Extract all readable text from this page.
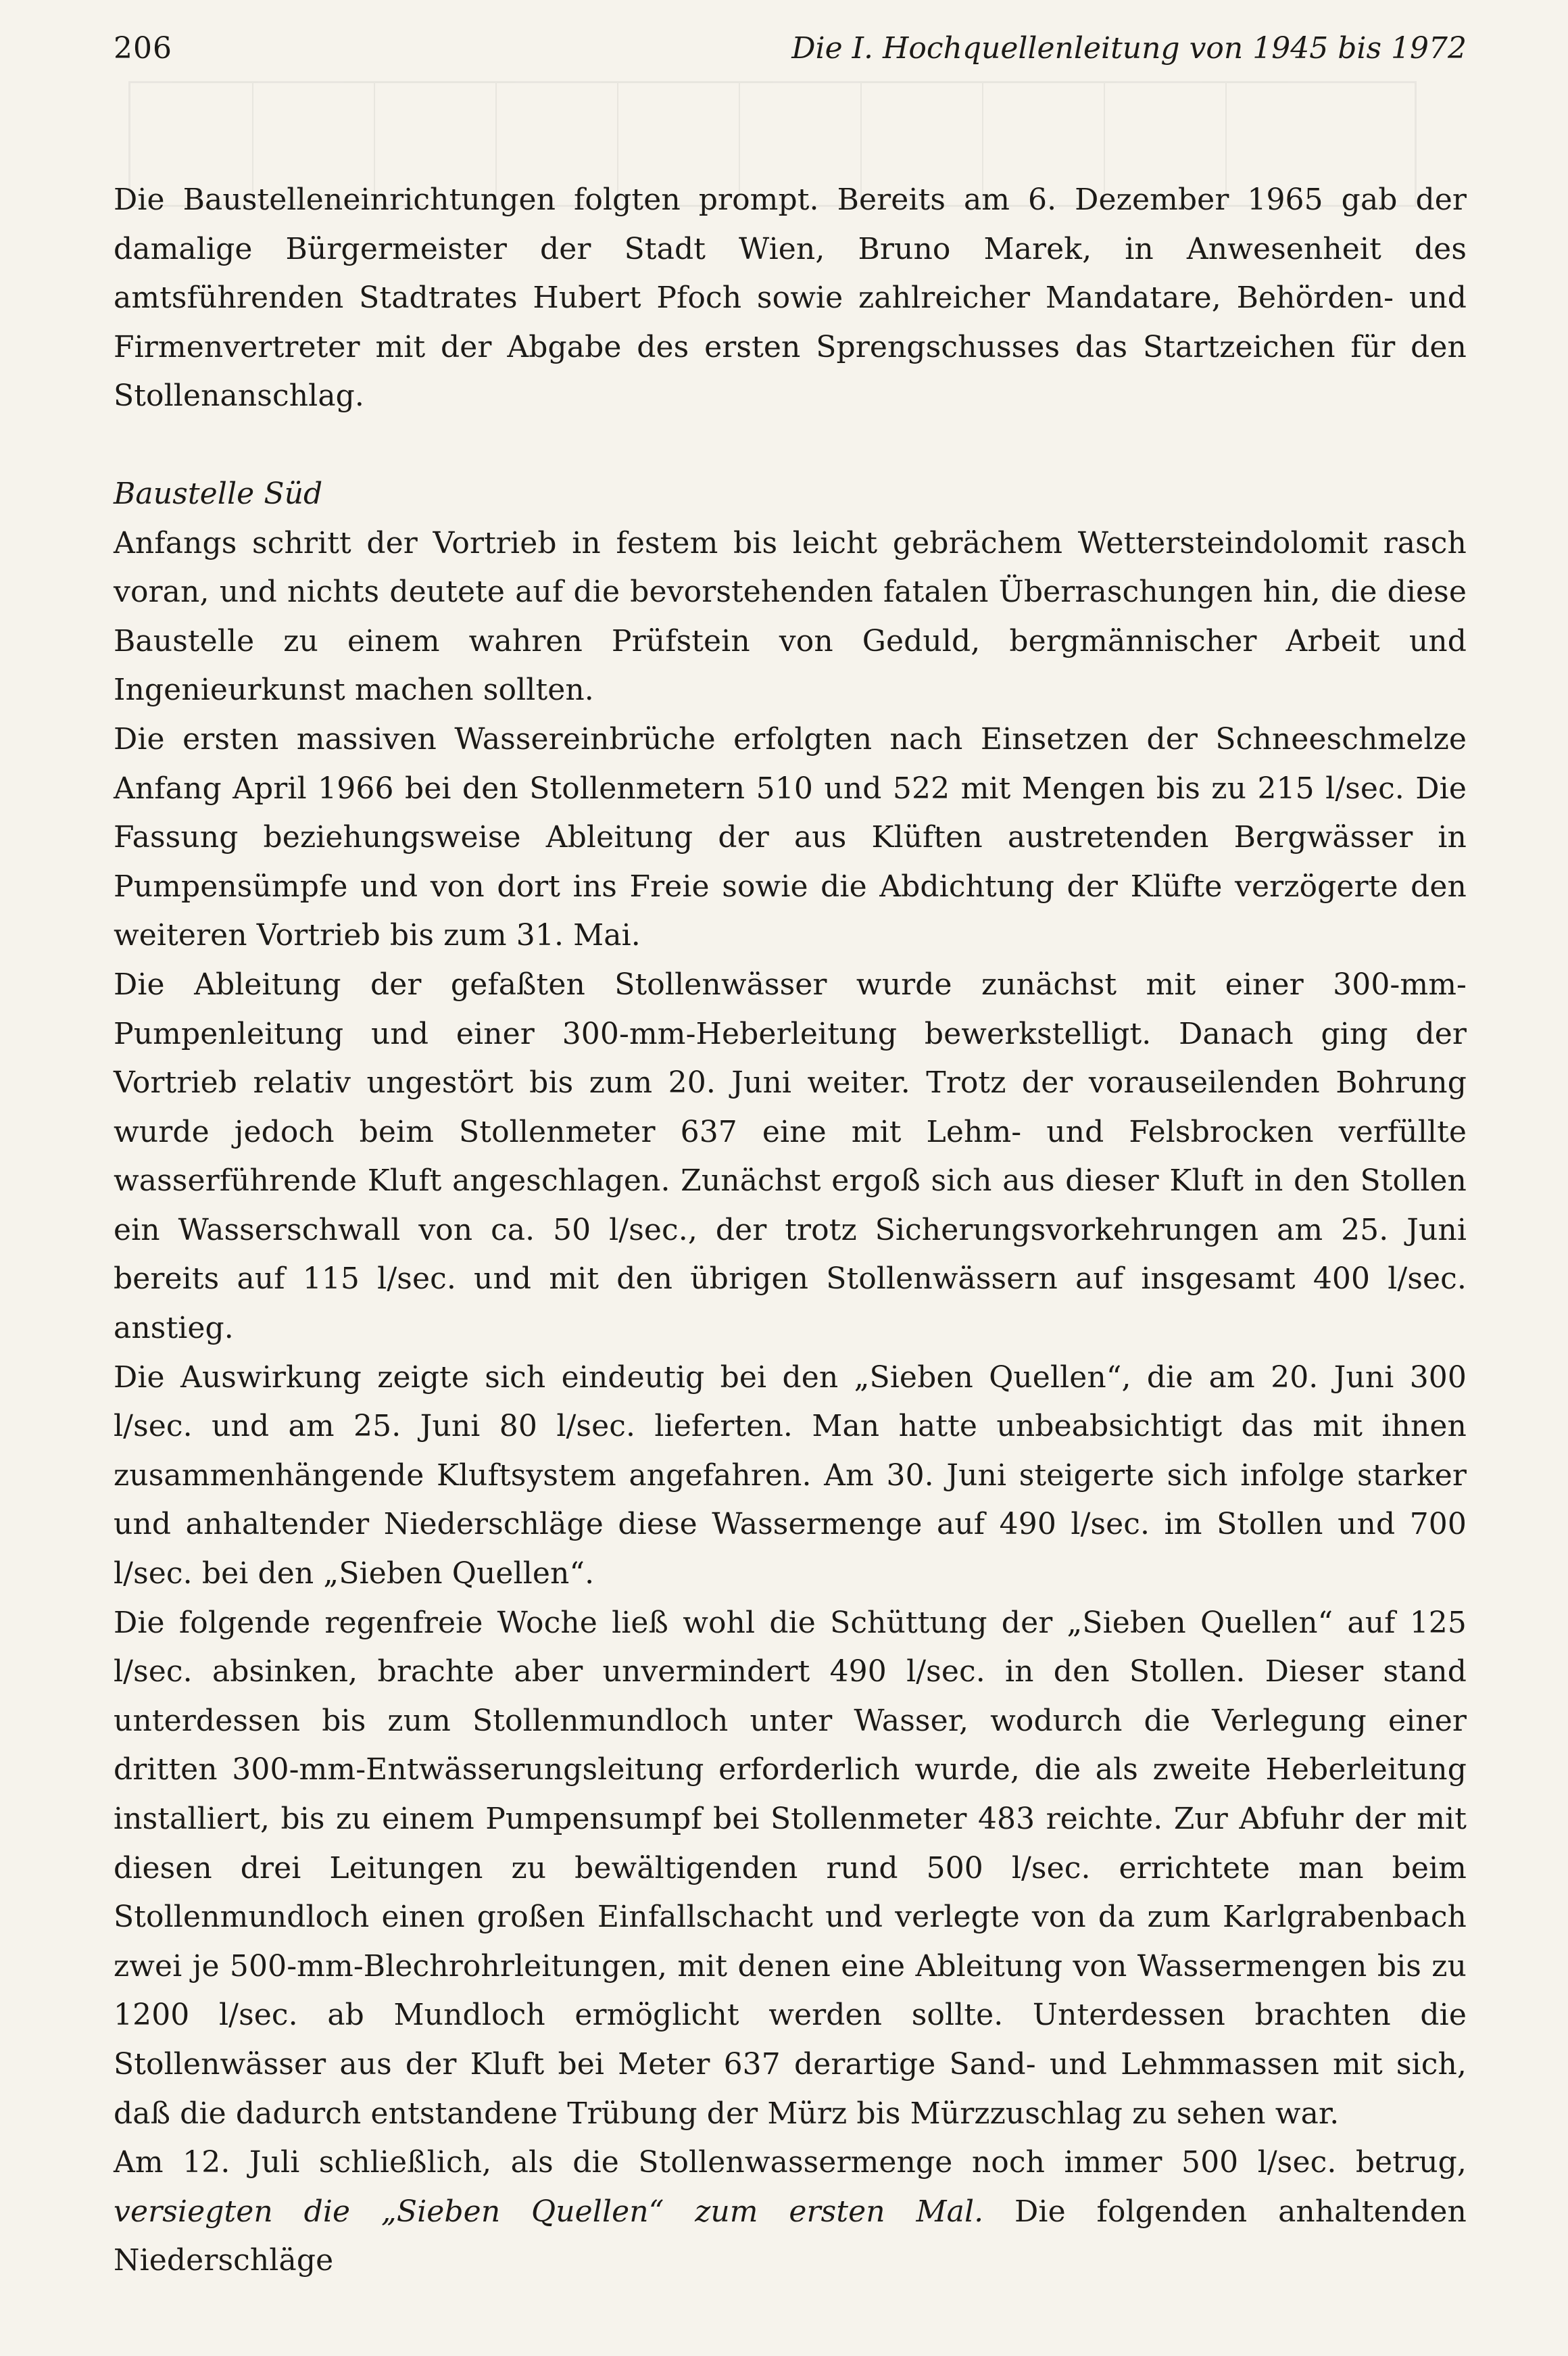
206	Die I. Hochquellenleitung von 1945 bis 1972

Die Baustelleneinrichtungen folgten prompt. Bereits am 6. Dezember 1965 gab der damalige Bürgermeister der Stadt Wien, Bruno Marek, in Anwesenheit des amtsführenden Stadtrates Hubert Pfoch sowie zahlreicher Mandatare, Behörden- und Firmenvertreter mit der Abgabe des ersten Sprengschusses das Startzeichen für den Stollenanschlag.

Baustelle Süd

Anfangs schritt der Vortrieb in festem bis leicht gebrächem Wettersteindolomit rasch voran, und nichts deutete auf die bevorstehenden fatalen Überraschungen hin, die diese Baustelle zu einem wahren Prüfstein von Geduld, bergmännischer Arbeit und Ingenieurkunst machen sollten.

Die ersten massiven Wassereinbrüche erfolgten nach Einsetzen der Schneeschmelze Anfang April 1966 bei den Stollenmetern 510 und 522 mit Mengen bis zu 215 l/sec. Die Fassung beziehungsweise Ableitung der aus Klüften austretenden Bergwässer in Pumpensümpfe und von dort ins Freie sowie die Abdichtung der Klüfte verzögerte den weiteren Vortrieb bis zum 31. Mai.

Die Ableitung der gefaßten Stollenwässer wurde zunächst mit einer 300-mm-Pumpenleitung und einer 300-mm-Heberleitung bewerkstelligt. Danach ging der Vortrieb relativ ungestört bis zum 20. Juni weiter. Trotz der vorauseilenden Bohrung wurde jedoch beim Stollenmeter 637 eine mit Lehm- und Felsbrocken verfüllte wasserführende Kluft angeschlagen. Zunächst ergoß sich aus dieser Kluft in den Stollen ein Wasserschwall von ca. 50 l/sec., der trotz Sicherungsvorkehrungen am 25. Juni bereits auf 115 l/sec. und mit den übrigen Stollenwässern auf insgesamt 400 l/sec. anstieg.

Die Auswirkung zeigte sich eindeutig bei den „Sieben Quellen“, die am 20. Juni 300 l/sec. und am 25. Juni 80 l/sec. lieferten. Man hatte unbeabsichtigt das mit ihnen zusammenhängende Kluftsystem angefahren. Am 30. Juni steigerte sich infolge starker und anhaltender Niederschläge diese Wassermenge auf 490 l/sec. im Stollen und 700 l/sec. bei den „Sieben Quellen“.

Die folgende regenfreie Woche ließ wohl die Schüttung der „Sieben Quellen“ auf 125 l/sec. absinken, brachte aber unvermindert 490 l/sec. in den Stollen. Dieser stand unterdessen bis zum Stollenmundloch unter Wasser, wodurch die Verlegung einer dritten 300-mm-Entwässerungsleitung erforderlich wurde, die als zweite Heberleitung installiert, bis zu einem Pumpensumpf bei Stollenmeter 483 reichte. Zur Abfuhr der mit diesen drei Leitungen zu bewältigenden rund 500 l/sec. errichtete man beim Stollenmundloch einen großen Einfallschacht und verlegte von da zum Karlgrabenbach zwei je 500-mm-Blechrohrleitungen, mit denen eine Ableitung von Wassermengen bis zu 1200 l/sec. ab Mundloch ermöglicht werden sollte. Unterdessen brachten die Stollenwässer aus der Kluft bei Meter 637 derartige Sand- und Lehmmassen mit sich, daß die dadurch entstandene Trübung der Mürz bis Mürzzuschlag zu sehen war.

Am 12. Juli schließlich, als die Stollenwassermenge noch immer 500 l/sec. betrug, versiegten die „Sieben Quellen“ zum ersten Mal. Die folgenden anhaltenden Niederschläge
